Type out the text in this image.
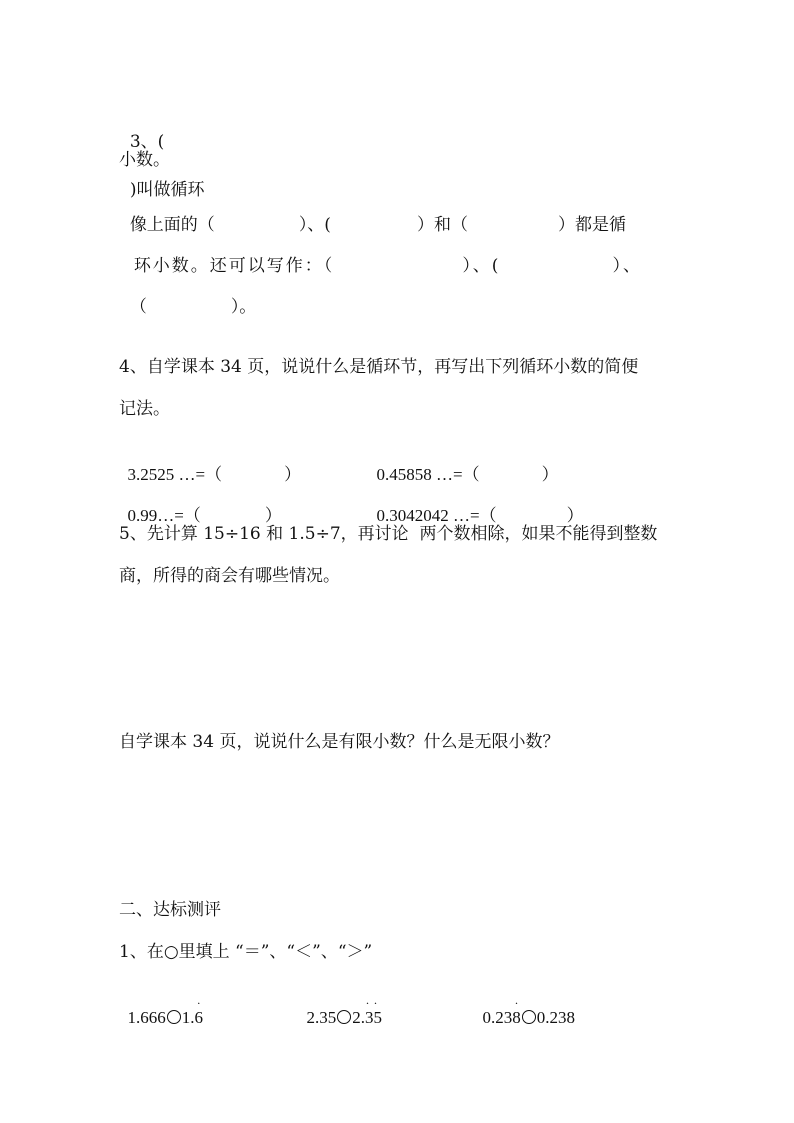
3、(

)叫做循环

小数。

像上面的（	）、(	）和（	）都是循

环小数。还可以写作：（	）、(	）、

（	）。

4、自学课本 34 页，说说什么是循环节，再写出下列循环小数的简便
记法。

3.2525 …=（	）	0.45858 …=（	）

0.99…=（	）	0.3042042 …=（	）

5、先计算 15÷16 和 1.5÷7，再讨论  两个数相除，如果不能得到整数
商，所得的商会有哪些情况。
自学课本 34 页，说说什么是有限小数？什么是无限小数？
二、达标测评
1、在○里填上 “＝”、“＜”、“＞”

1.666 1.
·
6	2.35 2.
··
35	0.23
·
8 0.238
